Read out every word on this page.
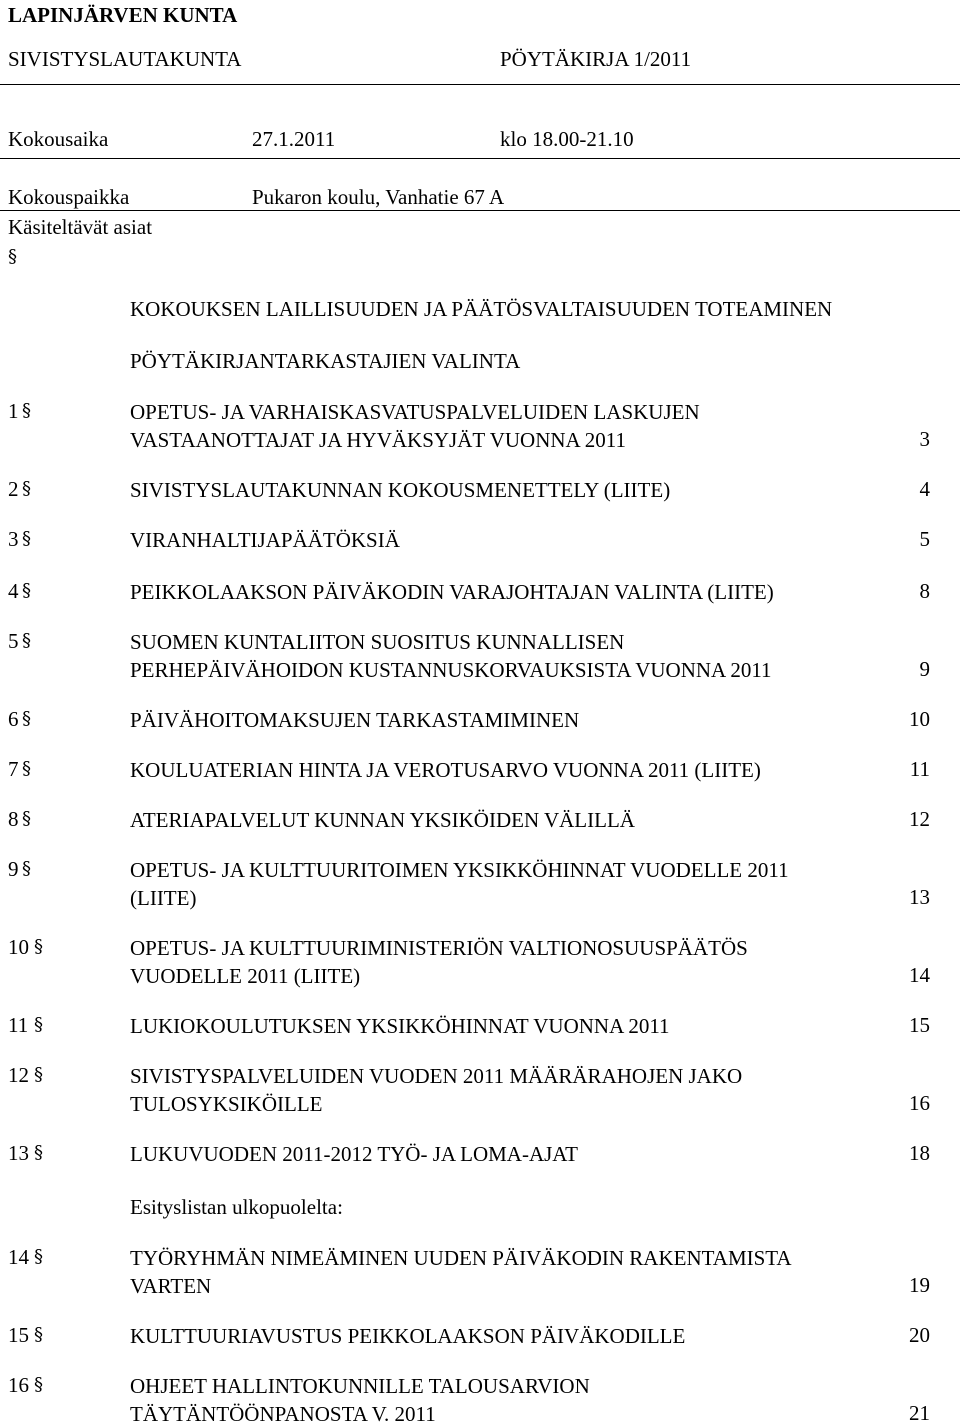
LAPINJÄRVEN KUNTA
SIVISTYSLAUTAKUNTA	PÖYTÄKIRJA 1/2011
Kokousaika	27.1.2011	klo 18.00-21.10
Kokouspaikka	Pukaron koulu, Vanhatie 67 A
Käsiteltävät asiat
§
KOKOUKSEN LAILLISUUDEN JA PÄÄTÖSVALTAISUUDEN TOTEAMINEN
PÖYTÄKIRJANTARKASTAJIEN VALINTA
1 §	OPETUS- JA VARHAISKASVATUSPALVELUIDEN LASKUJEN
VASTAANOTTAJAT JA HYVÄKSYJÄT VUONNA 2011	3
2 §	SIVISTYSLAUTAKUNNAN KOKOUSMENETTELY (LIITE)	4
3 §	VIRANHALTIJAPÄÄTÖKSIÄ	5
4 §	PEIKKOLAAKSON PÄIVÄKODIN VARAJOHTAJAN VALINTA (LIITE)	8
5 §	SUOMEN KUNTALIITON SUOSITUS KUNNALLISEN
PERHEPÄIVÄHOIDON KUSTANNUSKORVAUKSISTA VUONNA 2011	9
6 §	PÄIVÄHOITOMAKSUJEN TARKASTAMIMINEN	10
7 §	KOULUATERIAN HINTA JA VEROTUSARVO VUONNA 2011 (LIITE)	11
8 §	ATERIAPALVELUT KUNNAN YKSIKÖIDEN VÄLILLÄ	12
9 §	OPETUS- JA KULTTUURITOIMEN YKSIKKÖHINNAT VUODELLE 2011
(LIITE)	13
10 §	OPETUS- JA KULTTUURIMINISTERIÖN VALTIONOSUUSPÄÄTÖS
VUODELLE 2011 (LIITE)	14
11 §	LUKIOKOULUTUKSEN YKSIKKÖHINNAT VUONNA 2011	15
12 §	SIVISTYSPALVELUIDEN VUODEN 2011 MÄÄRÄRAHOJEN JAKO
TULOSYKSIKÖILLE	16
13 §	LUKUVUODEN 2011-2012 TYÖ- JA LOMA-AJAT	18
14 §	TYÖRYHMÄN NIMEÄMINEN UUDEN PÄIVÄKODIN RAKENTAMISTA
VARTEN	19
15 §	KULTTUURIAVUSTUS PEIKKOLAAKSON PÄIVÄKODILLE	20
16 §	OHJEET HALLINTOKUNNILLE TALOUSARVION
TÄYTÄNTÖÖNPANOSTA V. 2011	21
Esityslistan ulkopuolelta:
